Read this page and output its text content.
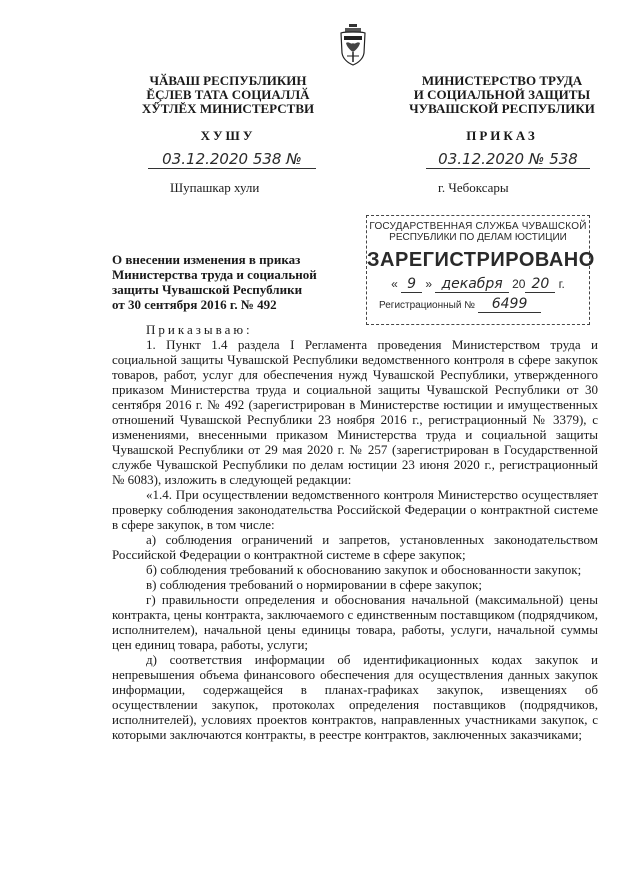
ЧӐВАШ РЕСПУБЛИКИН
ĔÇЛЕВ ТАТА СОЦИАЛЛӐ
ХӲТЛĔХ МИНИСТЕРСТВИ
МИНИСТЕРСТВО ТРУДА
И СОЦИАЛЬНОЙ ЗАЩИТЫ
ЧУВАШСКОЙ РЕСПУБЛИКИ
ХУШУ	ПРИКАЗ
03.12.2020 538 №	03.12.2020 № 538
Шупашкар хули	г. Чебоксары
ГОСУДАРСТВЕННАЯ СЛУЖБА ЧУВАШСКОЙ
РЕСПУБЛИКИ ПО ДЕЛАМ ЮСТИЦИИ
ЗАРЕГИСТРИРОВАНО
« 9 » декабря 20 20 г.
Регистрационный № 6499
О внесении изменения в приказ
Министерства труда и социальной
защиты Чувашской Республики
от 30 сентября 2016 г. № 492
Приказываю:

1. Пункт 1.4 раздела I Регламента проведения Министерством труда и социальной защиты Чувашской Республики ведомственного контроля в сфере закупок товаров, работ, услуг для обеспечения нужд Чувашской Республики, утвержденного приказом Министерства труда и социальной защиты Чувашской Республики от 30 сентября 2016 г. № 492 (зарегистрирован в Министерстве юстиции и имущественных отношений Чувашской Республики 23 ноября 2016 г., регистрационный № 3379), с изменениями, внесенными приказом Министерства труда и социальной защиты Чувашской Республики от 29 мая 2020 г. № 257 (зарегистрирован в Государственной службе Чувашской Республики по делам юстиции 23 июня 2020 г., регистрационный № 6083), изложить в следующей редакции:

«1.4. При осуществлении ведомственного контроля Министерство осуществляет проверку соблюдения законодательства Российской Федерации о контрактной системе в сфере закупок, в том числе:

а) соблюдения ограничений и запретов, установленных законодательством Российской Федерации о контрактной системе в сфере закупок;

б) соблюдения требований к обоснованию закупок и обоснованности закупок;

в) соблюдения требований о нормировании в сфере закупок;

г) правильности определения и обоснования начальной (максимальной) цены контракта, цены контракта, заключаемого с единственным поставщиком (подрядчиком, исполнителем), начальной цены единицы товара, работы, услуги, начальной суммы цен единиц товара, работы, услуги;

д) соответствия информации об идентификационных кодах закупок и непревышения объема финансового обеспечения для осуществления данных закупок информации, содержащейся в планах-графиках закупок, извещениях об осуществлении закупок, протоколах определения поставщиков (подрядчиков, исполнителей), условиях проектов контрактов, направленных участниками закупок, с которыми заключаются контракты, в реестре контрактов, заключенных заказчиками;
